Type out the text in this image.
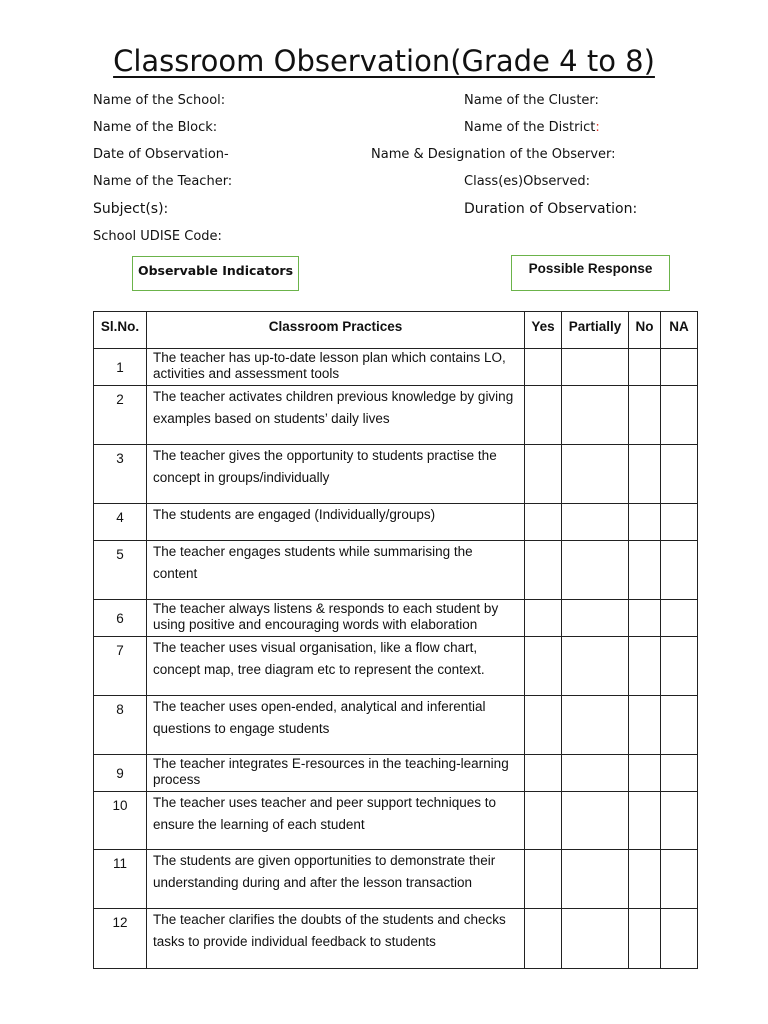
Classroom Observation(Grade 4 to 8)
Name of the School:	Name of the Cluster:
Name of the Block:	Name of the District:
Date of Observation-	Name & Designation of the Observer:
Name of the Teacher:	Class(es)Observed:
Subject(s):	Duration of Observation:
School UDISE Code:
Observable Indicators	Possible Response
Sl.No.	Classroom Practices	Yes	Partially	No	NA
1	The teacher has up-to-date lesson plan which contains LO, activities and assessment tools				
2	The teacher activates children previous knowledge by giving examples based on students’ daily lives				
3	The teacher gives the opportunity to students practise the concept in groups/individually				
4	The students are engaged (Individually/groups)				
5	The teacher engages students while summarising the content				
6	The teacher always listens & responds to each student by using positive and encouraging words with elaboration				
7	The teacher uses visual organisation, like a flow chart, concept map, tree diagram etc to represent the context.				
8	The teacher uses open-ended, analytical and inferential questions to engage students				
9	The teacher integrates E-resources in the teaching-learning process				
10	The teacher uses teacher and peer support techniques to ensure the learning of each student				
11	The students are given opportunities to demonstrate their understanding during and after the lesson transaction				
12	The teacher clarifies the doubts of the students and checks tasks to provide individual feedback to students				
